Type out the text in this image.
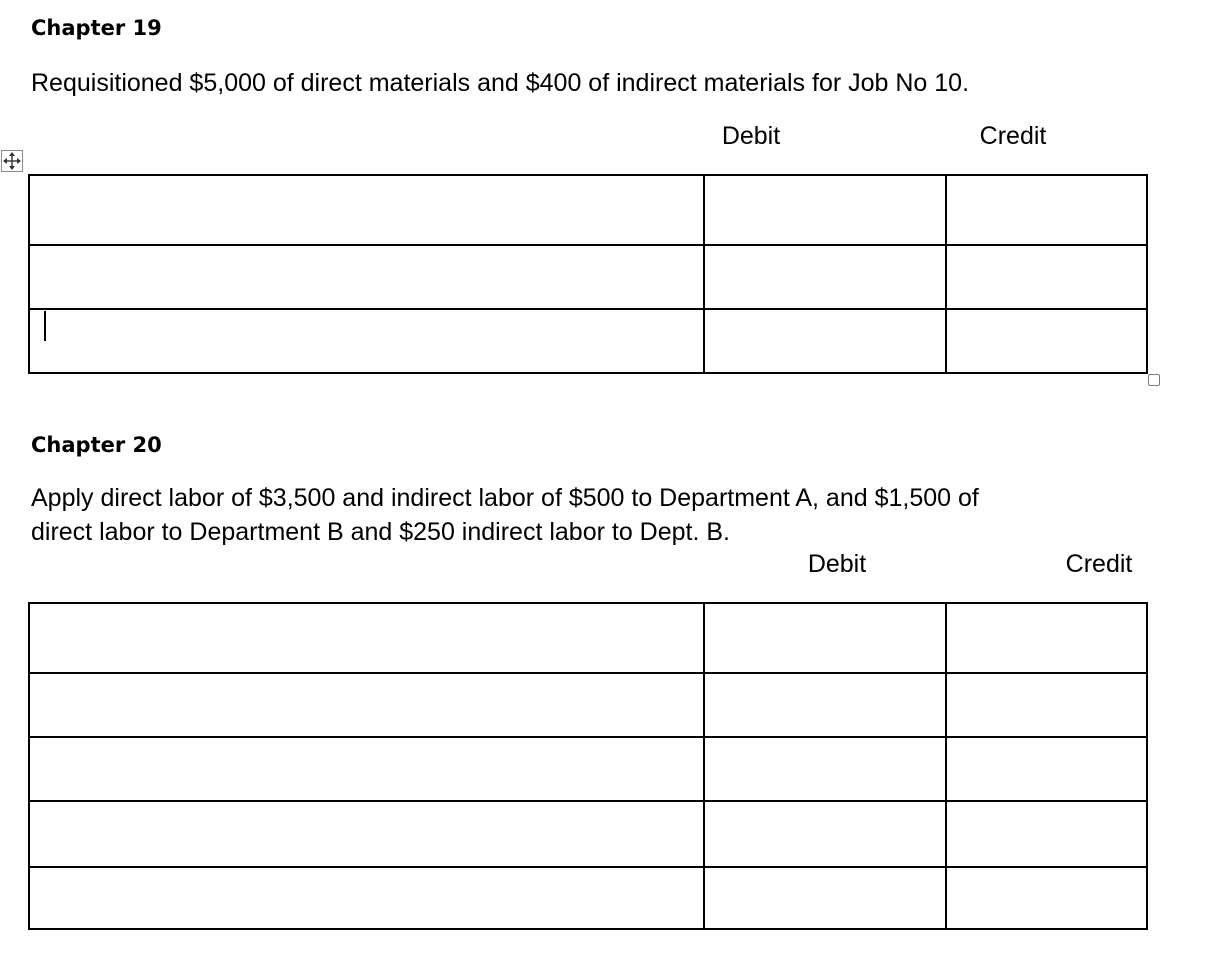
Chapter 19

Requisitioned $5,000 of direct materials and $400 of indirect materials for Job No 10.

Debit	Credit

Chapter 20

Apply direct labor of $3,500 and indirect labor of $500 to Department A, and $1,500 of

direct labor to Department B and $250 indirect labor to Dept. B.

Debit	Credit
